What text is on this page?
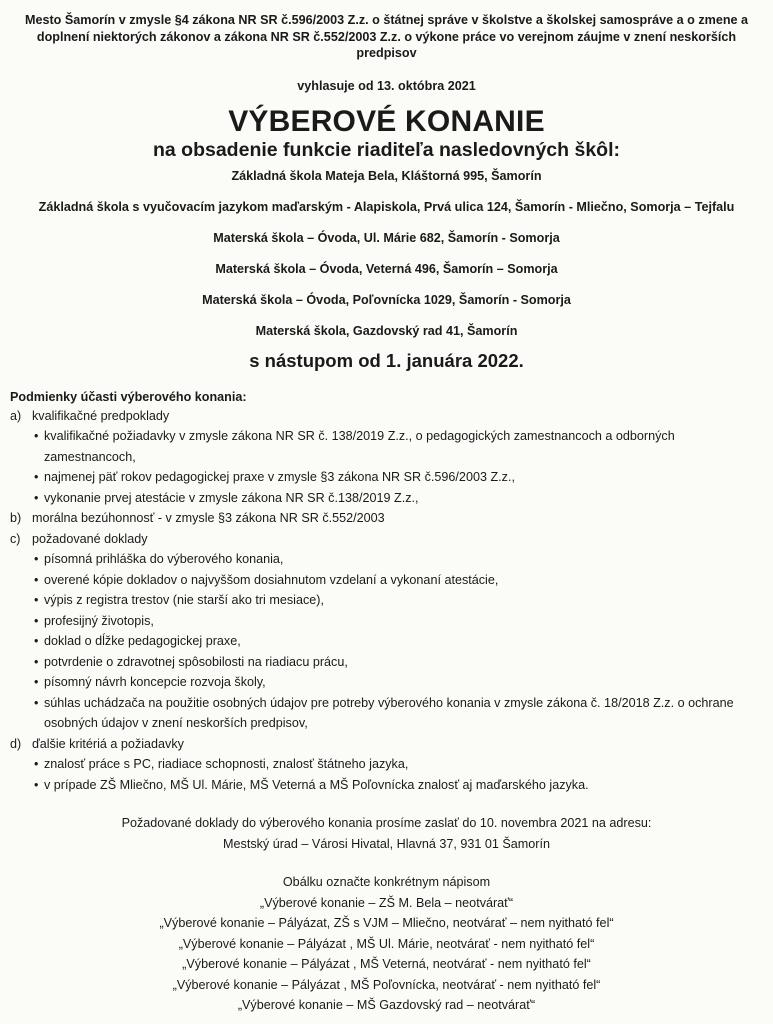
Mesto Šamorín v zmysle §4 zákona NR SR č.596/2003 Z.z. o štátnej správe v školstve a školskej samospráve a o zmene a doplnení niektorých zákonov a zákona NR SR č.552/2003 Z.z. o výkone práce vo verejnom záujme v znení neskorších predpisov
vyhlasuje od 13. októbra 2021
VÝBEROVÉ KONANIE
na obsadenie funkcie riaditeľa nasledovných škôl:
Základná škola Mateja Bela, Kláštorná 995, Šamorín
Základná škola s vyučovacím jazykom maďarským - Alapiskola, Prvá ulica 124, Šamorín - Mliečno, Somorja – Tejfalu
Materská škola – Óvoda, Ul. Márie 682, Šamorín - Somorja
Materská škola – Óvoda, Veterná 496, Šamorín – Somorja
Materská škola – Óvoda, Poľovnícka 1029, Šamorín - Somorja
Materská škola, Gazdovský rad 41, Šamorín
s nástupom od 1. januára 2022.
Podmienky účasti výberového konania:
a) kvalifikačné predpoklady
• kvalifikačné požiadavky v zmysle zákona NR SR č. 138/2019 Z.z., o pedagogických zamestnancoch a odborných zamestnancoch,
• najmenej päť rokov pedagogickej praxe v zmysle §3 zákona NR SR č.596/2003 Z.z.,
• vykonanie prvej atestácie v zmysle zákona NR SR č.138/2019 Z.z.,
b) morálna bezúhonnosť - v zmysle §3 zákona NR SR č.552/2003
c) požadované doklady
• písomná prihláška do výberového konania,
• overené kópie dokladov o najvyššom dosiahnutom vzdelaní a vykonaní atestácie,
• výpis z registra trestov (nie starší ako tri mesiace),
• profesijný životopis,
• doklad o dĺžke pedagogickej praxe,
• potvrdenie o zdravotnej spôsobilosti na riadiacu prácu,
• písomný návrh koncepcie rozvoja školy,
• súhlas uchádzača na použitie osobných údajov pre potreby výberového konania v zmysle zákona č. 18/2018 Z.z. o ochrane osobných údajov v znení neskorších predpisov,
d) ďalšie kritériá a požiadavky
• znalosť práce s PC, riadiace schopnosti, znalosť štátneho jazyka,
• v prípade ZŠ Mliečno, MŠ Ul. Márie, MŠ Veterná a MŠ Poľovnícka znalosť aj maďarského jazyka.
Požadované doklady do výberového konania prosíme zaslať do 10. novembra 2021 na adresu:
Mestský úrad – Városi Hivatal, Hlavná 37, 931 01 Šamorín
Obálku označte konkrétnym nápisom
„Výberové konanie – ZŠ M. Bela – neotvárať“
„Výberové konanie – Pályázat, ZŠ s VJM – Mliečno, neotvárať – nem nyitható fel“
„Výberové konanie – Pályázat , MŠ Ul. Márie, neotvárať - nem nyitható fel“
„Výberové konanie – Pályázat , MŠ Veterná, neotvárať - nem nyitható fel“
„Výberové konanie – Pályázat , MŠ Poľovnícka, neotvárať - nem nyitható fel“
„Výberové konanie – MŠ Gazdovský rad – neotvárať“
